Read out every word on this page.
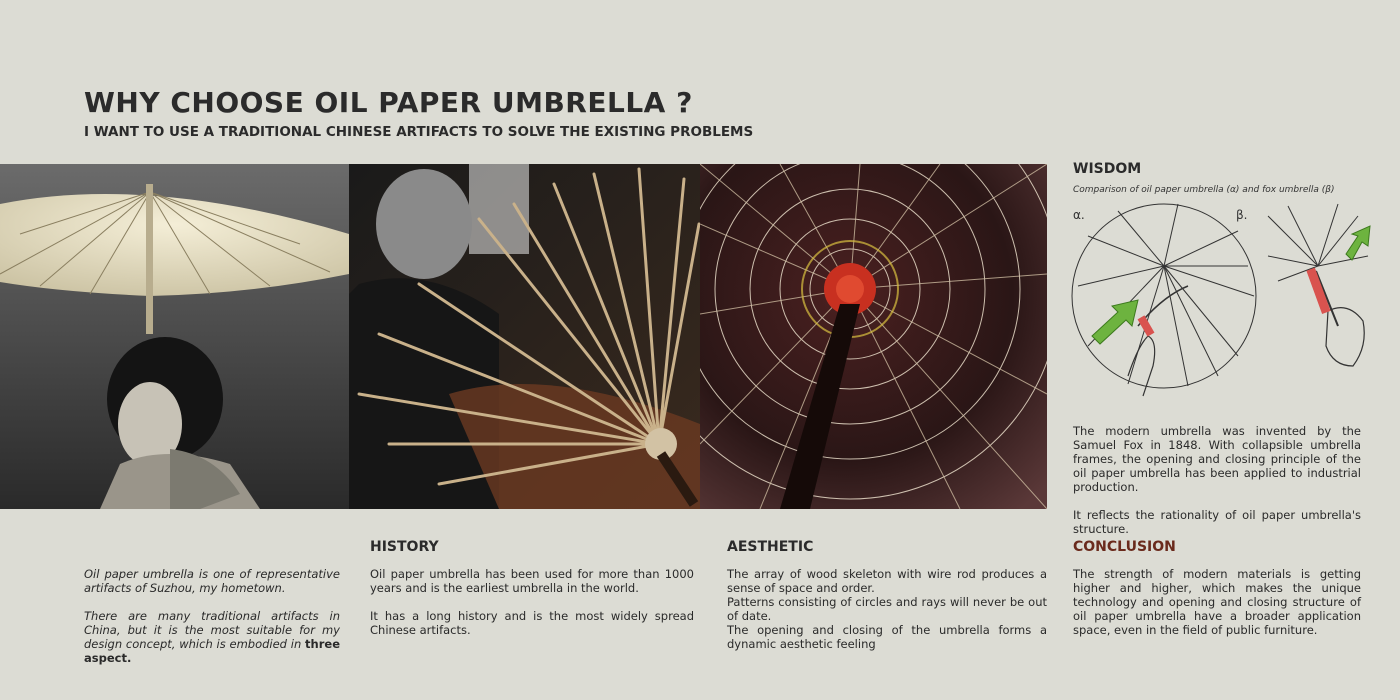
WHY CHOOSE OIL PAPER UMBRELLA ?
I WANT TO USE A TRADITIONAL CHINESE ARTIFACTS TO SOLVE THE EXISTING PROBLEMS

Oil paper umbrella is one of representative artifacts of Suzhou, my hometown.

There are many traditional artifacts in China, but it is the most suitable for my design concept, which is embodied in three aspect.

HISTORY

Oil paper umbrella has been used for more than 1000 years and is the earliest umbrella in the world.

It has a long history and is the most widely spread Chinese artifacts.

AESTHETIC

The array of wood skeleton with wire rod produces a sense of space and order.

Patterns consisting of circles and rays will never be out of date.

The opening and closing of the umbrella forms a dynamic aesthetic feeling

WISDOM
Comparison of oil paper umbrella (α) and fox umbrella (β)
α.	β.

The modern umbrella was invented by the Samuel Fox in 1848. With collapsible umbrella frames, the opening and closing principle of the oil paper umbrella has been applied to industrial production.

It reflects the rationality of oil paper umbrella's structure.

CONCLUSION

The strength of modern materials is getting higher and higher, which makes the unique technology and opening and closing structure of oil paper umbrella have a broader application space, even in the field of public furniture.
